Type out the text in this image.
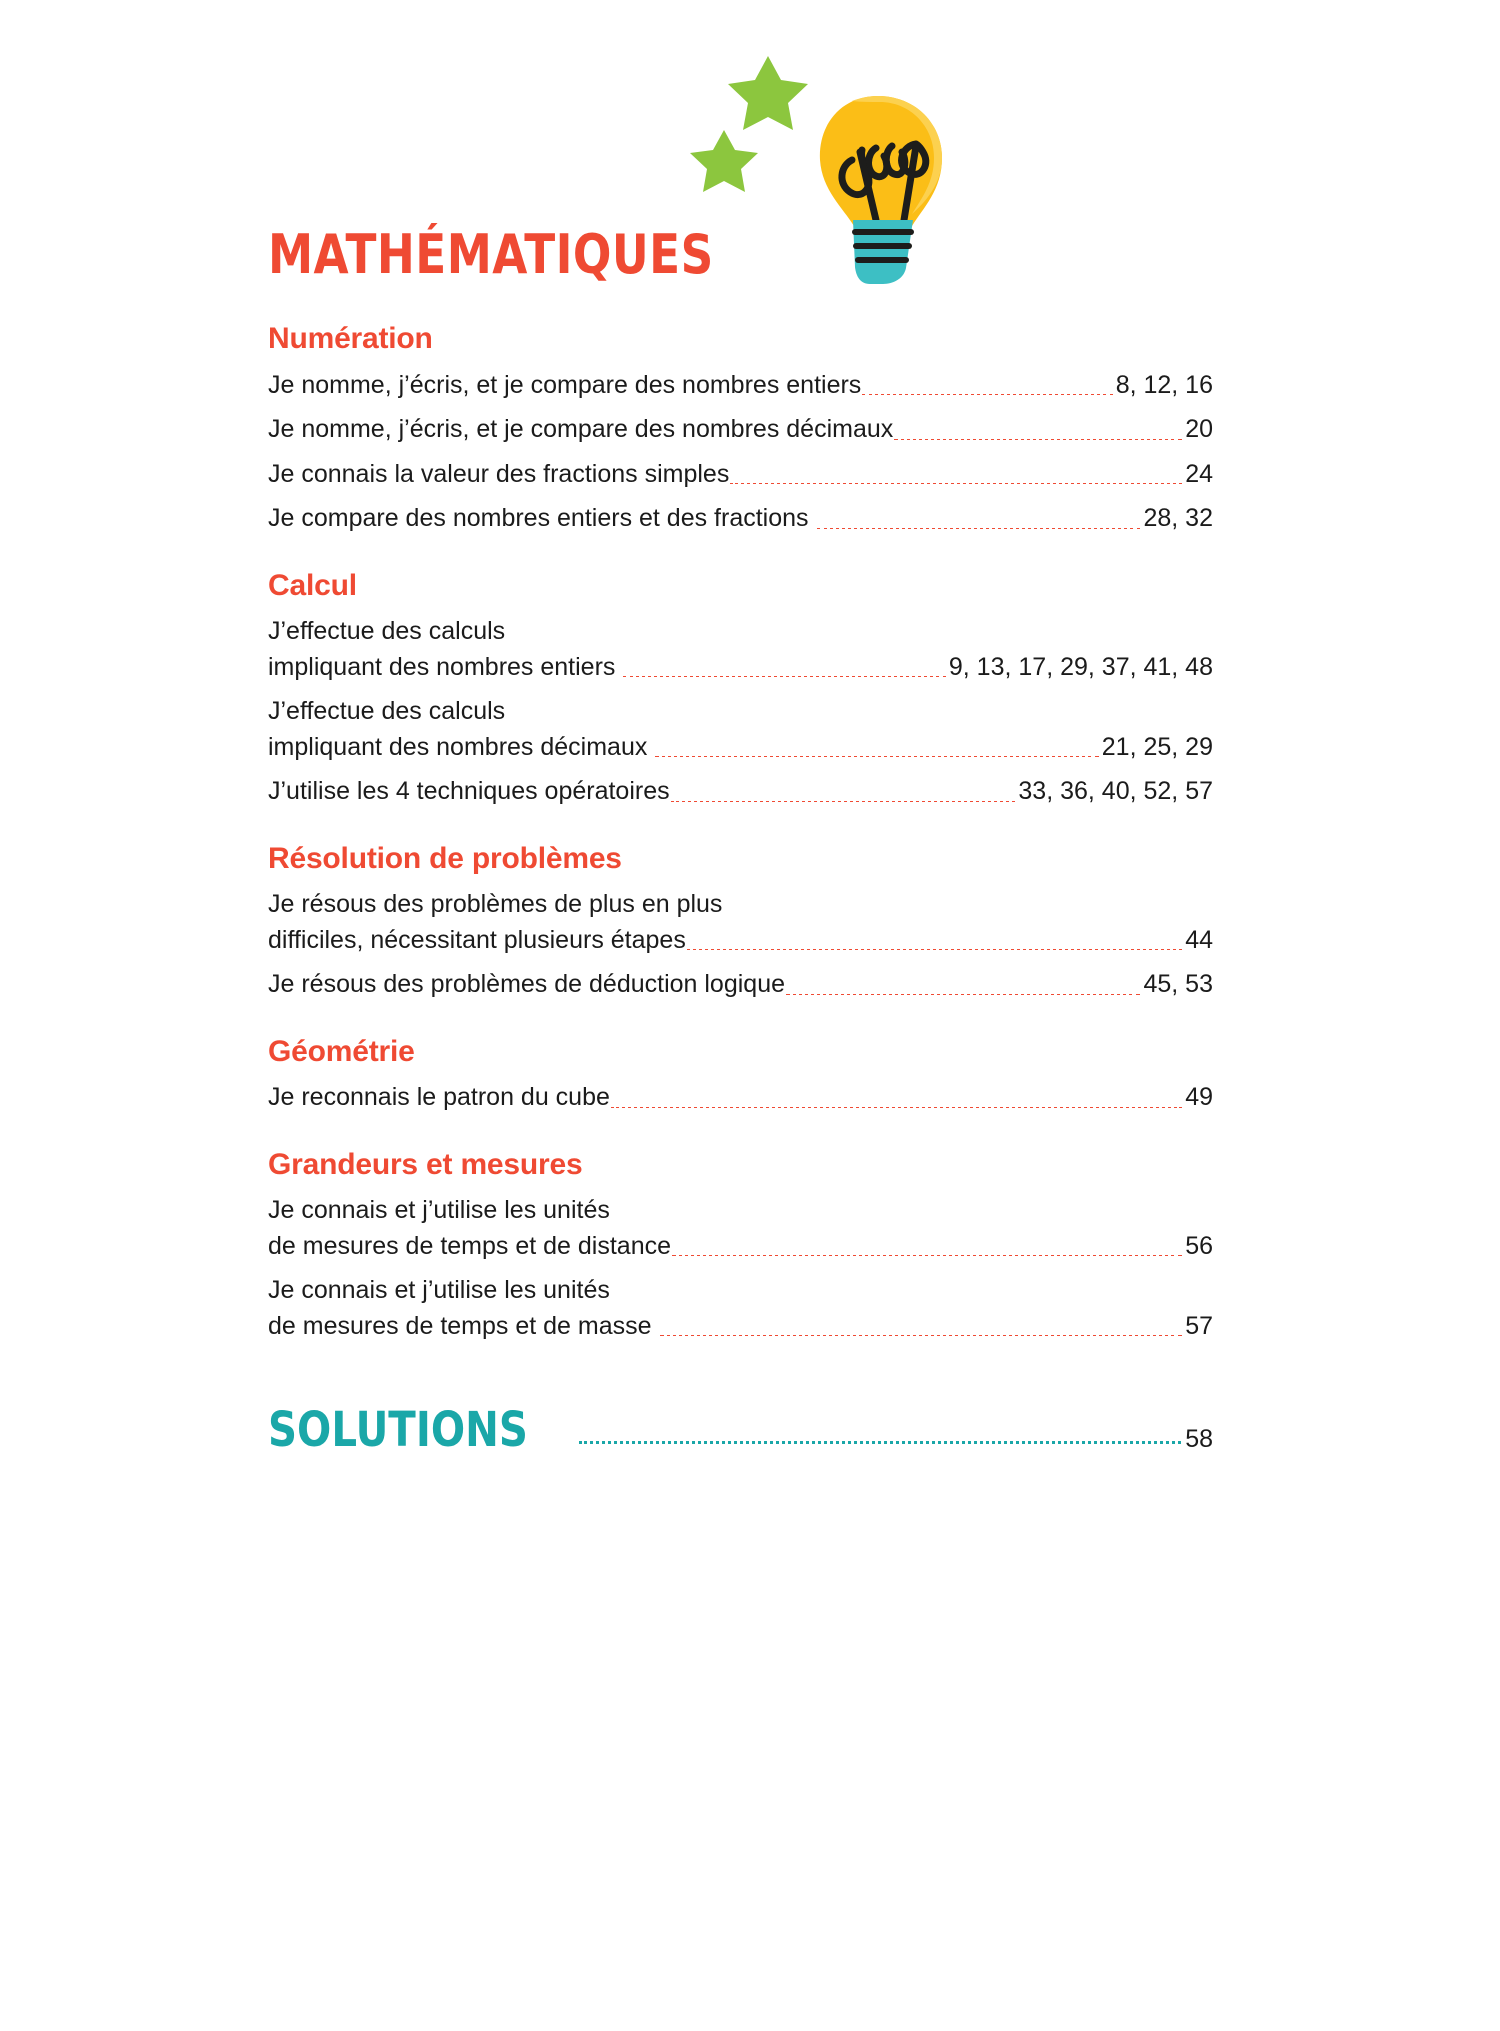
MATHÉMATIQUES
Numération
Je nomme, j’écris, et je compare des nombres entiers	8, 12, 16
Je nomme, j’écris, et je compare des nombres décimaux	20
Je connais la valeur des fractions simples	24
Je compare des nombres entiers et des fractions	28, 32
Calcul
J’effectue des calculs
impliquant des nombres entiers	9, 13, 17, 29, 37, 41, 48
J’effectue des calculs
impliquant des nombres décimaux	21, 25, 29
J’utilise les 4 techniques opératoires	33, 36, 40, 52, 57
Résolution de problèmes
Je résous des problèmes de plus en plus
difficiles, nécessitant plusieurs étapes	44
Je résous des problèmes de déduction logique	45, 53
Géométrie
Je reconnais le patron du cube	49
Grandeurs et mesures
Je connais et j’utilise les unités
de mesures de temps et de distance	56
Je connais et j’utilise les unités
de mesures de temps et de masse	57
SOLUTIONS	58
